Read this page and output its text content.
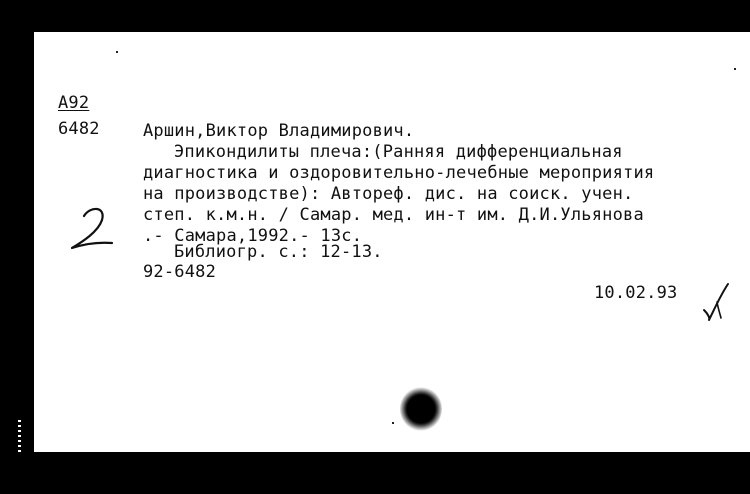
А92
6482	Аршин,Виктор Владимирович.
Эпикондилиты плеча:(Ранняя дифференциальная
диагностика и оздоровительно-лечебные мероприятия
на производстве): Автореф. дис. на соиск. учен.
степ. к.м.н. / Самар. мед. ин-т им. Д.И.Ульянова
.- Самара,1992.- 13с.
Библиогр. с.: 12-13.
92-6482
10.02.93
